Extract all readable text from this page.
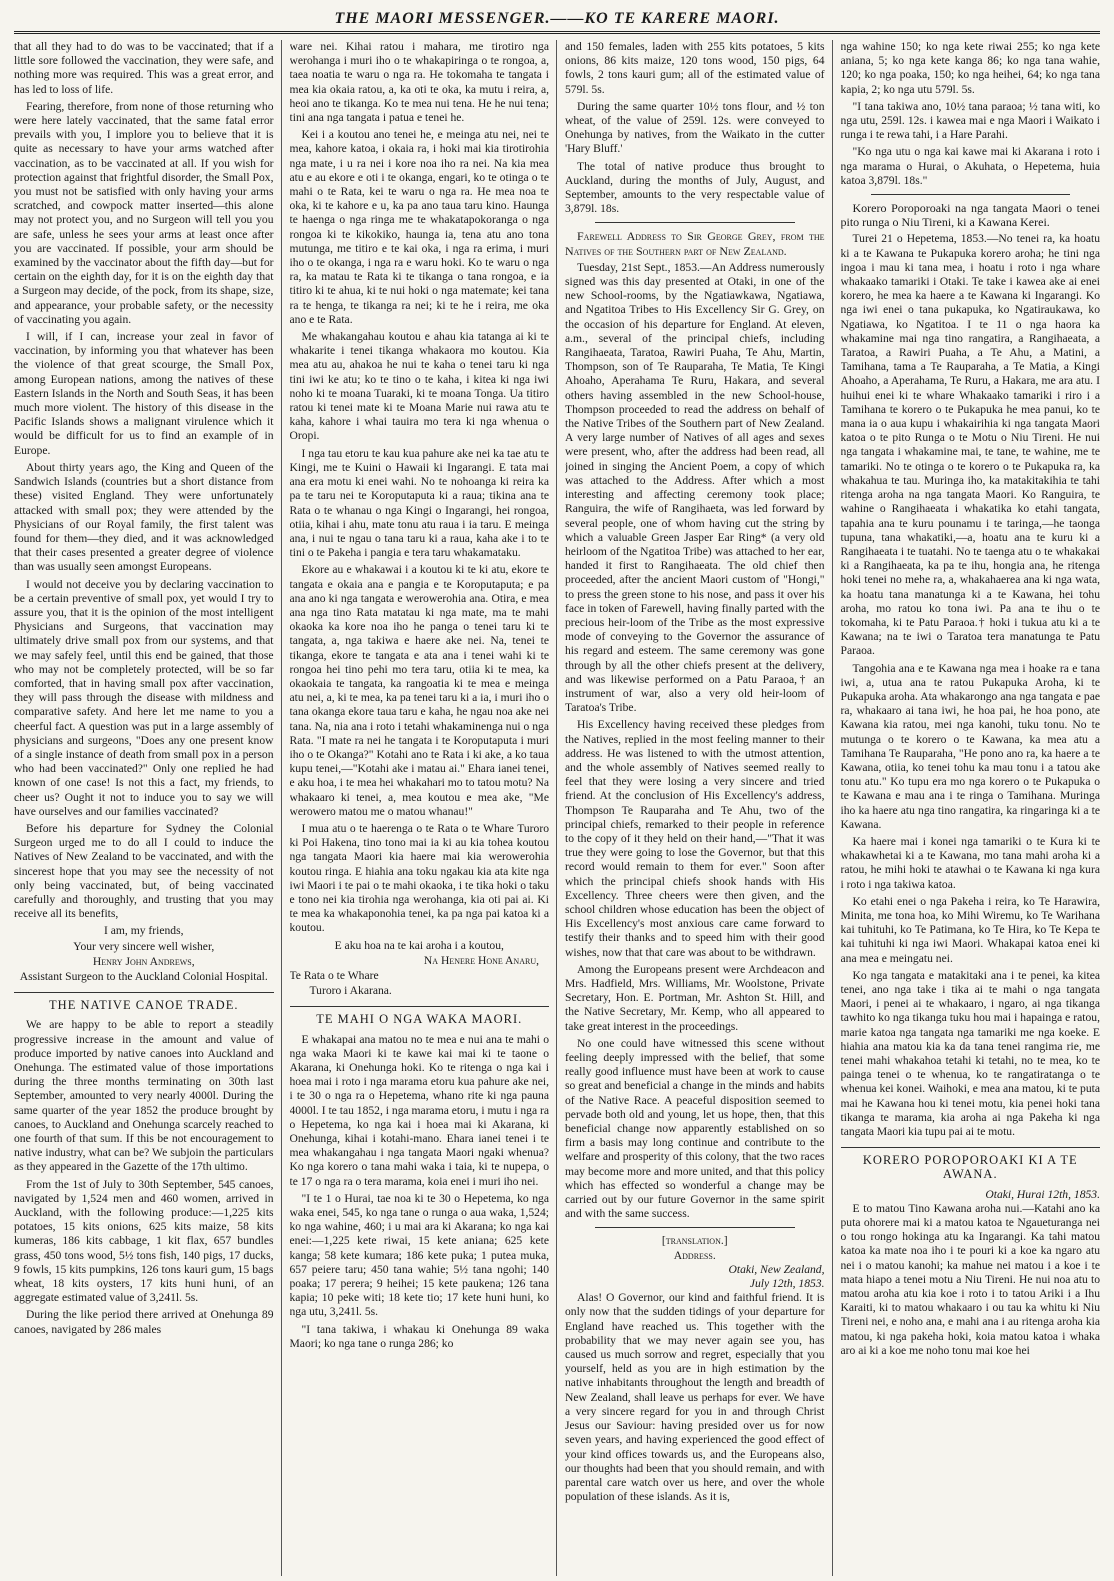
THE MAORI MESSENGER.——KO TE KARERE MAORI.

that all they had to do was to be vaccinated; that if a little sore followed the vaccination, they were safe, and nothing more was required. This was a great error, and has led to loss of life.

Fearing, therefore, from none of those returning who were here lately vaccinated, that the same fatal error prevails with you, I implore you to believe that it is quite as necessary to have your arms watched after vaccination, as to be vaccinated at all. If you wish for protection against that frightful disorder, the Small Pox, you must not be satisfied with only having your arms scratched, and cowpock matter inserted—this alone may not protect you, and no Surgeon will tell you you are safe, unless he sees your arms at least once after you are vaccinated. If possible, your arm should be examined by the vaccinator about the fifth day—but for certain on the eighth day, for it is on the eighth day that a Surgeon may decide, of the pock, from its shape, size, and appearance, your probable safety, or the necessity of vaccinating you again.

I will, if I can, increase your zeal in favor of vaccination, by informing you that whatever has been the violence of that great scourge, the Small Pox, among European nations, among the natives of these Eastern Islands in the North and South Seas, it has been much more violent. The history of this disease in the Pacific Islands shows a malignant virulence which it would be difficult for us to find an example of in Europe.

About thirty years ago, the King and Queen of the Sandwich Islands (countries but a short distance from these) visited England. They were unfortunately attacked with small pox; they were attended by the Physicians of our Royal family, the first talent was found for them—they died, and it was acknowledged that their cases presented a greater degree of violence than was usually seen amongst Europeans.

I would not deceive you by declaring vaccination to be a certain preventive of small pox, yet would I try to assure you, that it is the opinion of the most intelligent Physicians and Surgeons, that vaccination may ultimately drive small pox from our systems, and that we may safely feel, until this end be gained, that those who may not be completely protected, will be so far comforted, that in having small pox after vaccination, they will pass through the disease with mildness and comparative safety. And here let me name to you a cheerful fact. A question was put in a large assembly of physicians and surgeons, "Does any one present know of a single instance of death from small pox in a person who had been vaccinated?" Only one replied he had known of one case! Is not this a fact, my friends, to cheer us? Ought it not to induce you to say we will have ourselves and our families vaccinated?

Before his departure for Sydney the Colonial Surgeon urged me to do all I could to induce the Natives of New Zealand to be vaccinated, and with the sincerest hope that you may see the necessity of not only being vaccinated, but, of being vaccinated carefully and thoroughly, and trusting that you may receive all its benefits,

I am, my friends,
Your very sincere well wisher,
Henry John Andrews,
Assistant Surgeon to the Auckland Colonial Hospital.
THE NATIVE CANOE TRADE.

We are happy to be able to report a steadily progressive increase in the amount and value of produce imported by native canoes into Auckland and Onehunga. The estimated value of those importations during the three months terminating on 30th last September, amounted to very nearly 4000l. During the same quarter of the year 1852 the produce brought by canoes, to Auckland and Onehunga scarcely reached to one fourth of that sum. If this be not encouragement to native industry, what can be? We subjoin the particulars as they appeared in the Gazette of the 17th ultimo.

From the 1st of July to 30th September, 545 canoes, navigated by 1,524 men and 460 women, arrived in Auckland, with the following produce:—1,225 kits potatoes, 15 kits onions, 625 kits maize, 58 kits kumeras, 186 kits cabbage, 1 kit flax, 657 bundles grass, 450 tons wood, 5½ tons fish, 140 pigs, 17 ducks, 9 fowls, 15 kits pumpkins, 126 tons kauri gum, 15 bags wheat, 18 kits oysters, 17 kits huni huni, of an aggregate estimated value of 3,241l. 5s.

During the like period there arrived at Onehunga 89 canoes, navigated by 286 males

ware nei. Kihai ratou i mahara, me tirotiro nga werohanga i muri iho o te whakapiringa o te rongoa, a, taea noatia te waru o nga ra. He tokomaha te tangata i mea kia okaia ratou, a, ka oti te oka, ka mutu i reira, a, heoi ano te tikanga. Ko te mea nui tena. He he nui tena; tini ana nga tangata i patua e tenei he.

Kei i a koutou ano tenei he, e meinga atu nei, nei te mea, kahore katoa, i okaia ra, i hoki mai kia tirotirohia nga mate, i u ra nei i kore noa iho ra nei. Na kia mea atu e au ekore e oti i te okanga, engari, ko te otinga o te mahi o te Rata, kei te waru o nga ra. He mea noa te oka, ki te kahore e u, ka pa ano taua taru kino. Haunga te haenga o nga ringa me te whakatapokoranga o nga rongoa ki te kikokiko, haunga ia, tena atu ano tona mutunga, me titiro e te kai oka, i nga ra erima, i muri iho o te okanga, i nga ra e waru hoki. Ko te waru o nga ra, ka matau te Rata ki te tikanga o tana rongoa, e ia titiro ki te ahua, ki te nui hoki o nga matemate; kei tana ra te henga, te tikanga ra nei; ki te he i reira, me oka ano e te Rata.

Me whakangahau koutou e ahau kia tatanga ai ki te whakarite i tenei tikanga whakaora mo koutou. Kia mea atu au, ahakoa he nui te kaha o tenei taru ki nga tini iwi ke atu; ko te tino o te kaha, i kitea ki nga iwi noho ki te moana Tuaraki, ki te moana Tonga. Ua titiro ratou ki tenei mate ki te Moana Marie nui rawa atu te kaha, kahore i whai tauira mo tera ki nga whenua o Oropi.

I nga tau etoru te kau kua pahure ake nei ka tae atu te Kingi, me te Kuini o Hawaii ki Ingarangi. E tata mai ana era motu ki enei wahi. No te nohoanga ki reira ka pa te taru nei te Koroputaputa ki a raua; tikina ana te Rata o te whanau o nga Kingi o Ingarangi, hei rongoa, otiia, kihai i ahu, mate tonu atu raua i ia taru. E meinga ana, i nui te ngau o tana taru ki a raua, kaha ake i to te tini o te Pakeha i pangia e tera taru whakamataku.

Ekore au e whakawai i a koutou ki te ki atu, ekore te tangata e okaia ana e pangia e te Koroputaputa; e pa ana ano ki nga tangata e werowerohia ana. Otira, e mea ana nga tino Rata matatau ki nga mate, ma te mahi okaoka ka kore noa iho he panga o tenei taru ki te tangata, a, nga takiwa e haere ake nei. Na, tenei te tikanga, ekore te tangata e ata ana i tenei wahi ki te rongoa hei tino pehi mo tera taru, otiia ki te mea, ka okaokaia te tangata, ka rangoatia ki te mea e meinga atu nei, a, ki te mea, ka pa tenei taru ki a ia, i muri iho o tana okanga ekore taua taru e kaha, he ngau noa ake nei tana. Na, nia ana i roto i tetahi whakaminenga nui o nga Rata. "I mate ra nei he tangata i te Koroputaputa i muri iho o te Okanga?" Kotahi ano te Rata i ki ake, a ko taua kupu tenei,—"Kotahi ake i matau ai." Ehara ianei tenei, e aku hoa, i te mea hei whakahari mo to tatou motu? Na whakaaro ki tenei, a, mea koutou e mea ake, "Me werowero matou me o matou whanau!"

I mua atu o te haerenga o te Rata o te Whare Turoro ki Poi Hakena, tino tono mai ia ki au kia tohea koutou nga tangata Maori kia haere mai kia werowerohia koutou ringa. E hiahia ana toku ngakau kia ata kite nga iwi Maori i te pai o te mahi okaoka, i te tika hoki o taku e tono nei kia tirohia nga werohanga, kia oti pai ai. Ki te mea ka whakaponohia tenei, ka pa nga pai katoa ki a koutou.

E aku hoa na te kai aroha i a koutou,
Na Henere Hone Anaru,
Te Rata o te Whare
Turoro i Akarana.
TE MAHI O NGA WAKA MAORI.

E whakapai ana matou no te mea e nui ana te mahi o nga waka Maori ki te kawe kai mai ki te taone o Akarana, ki Onehunga hoki. Ko te ritenga o nga kai i hoea mai i roto i nga marama etoru kua pahure ake nei, i te 30 o nga ra o Hepetema, whano rite ki nga pauna 4000l. I te tau 1852, i nga marama etoru, i mutu i nga ra o Hepetema, ko nga kai i hoea mai ki Akarana, ki Onehunga, kihai i kotahi-mano. Ehara ianei tenei i te mea whakangahau i nga tangata Maori ngaki whenua? Ko nga korero o tana mahi waka i taia, ki te nupepa, o te 17 o nga ra o tera marama, koia enei i muri iho nei.

"I te 1 o Hurai, tae noa ki te 30 o Hepetema, ko nga waka enei, 545, ko nga tane o runga o aua waka, 1,524; ko nga wahine, 460; i u mai ara ki Akarana; ko nga kai enei:—1,225 kete riwai, 15 kete aniana; 625 kete kanga; 58 kete kumara; 186 kete puka; 1 putea muka, 657 peiere taru; 450 tana wahie; 5½ tana ngohi; 140 poaka; 17 perera; 9 heihei; 15 kete paukena; 126 tana kapia; 10 peke witi; 18 kete tio; 17 kete huni huni, ko nga utu, 3,241l. 5s.

"I tana takiwa, i whakau ki Onehunga 89 waka Maori; ko nga tane o runga 286; ko

and 150 females, laden with 255 kits potatoes, 5 kits onions, 86 kits maize, 120 tons wood, 150 pigs, 64 fowls, 2 tons kauri gum; all of the estimated value of 579l. 5s.

During the same quarter 10½ tons flour, and ½ ton wheat, of the value of 259l. 12s. were conveyed to Onehunga by natives, from the Waikato in the cutter 'Hary Bluff.'

The total of native produce thus brought to Auckland, during the months of July, August, and September, amounts to the very respectable value of 3,879l. 18s.

Farewell Address to Sir George Grey, from the Natives of the Southern part of New Zealand.

Tuesday, 21st Sept., 1853.—An Address numerously signed was this day presented at Otaki, in one of the new School-rooms, by the Ngatiawkawa, Ngatiawa, and Ngatitoa Tribes to His Excellency Sir G. Grey, on the occasion of his departure for England. At eleven, a.m., several of the principal chiefs, including Rangihaeata, Taratoa, Rawiri Puaha, Te Ahu, Martin, Thompson, son of Te Rauparaha, Te Matia, Te Kingi Ahoaho, Aperahama Te Ruru, Hakara, and several others having assembled in the new School-house, Thompson proceeded to read the address on behalf of the Native Tribes of the Southern part of New Zealand. A very large number of Natives of all ages and sexes were present, who, after the address had been read, all joined in singing the Ancient Poem, a copy of which was attached to the Address. After which a most interesting and affecting ceremony took place; Ranguira, the wife of Rangihaeta, was led forward by several people, one of whom having cut the string by which a valuable Green Jasper Ear Ring* (a very old heirloom of the Ngatitoa Tribe) was attached to her ear, handed it first to Rangihaeata. The old chief then proceeded, after the ancient Maori custom of "Hongi," to press the green stone to his nose, and pass it over his face in token of Farewell, having finally parted with the precious heir-loom of the Tribe as the most expressive mode of conveying to the Governor the assurance of his regard and esteem. The same ceremony was gone through by all the other chiefs present at the delivery, and was likewise performed on a Patu Paraoa,† an instrument of war, also a very old heir-loom of Taratoa's Tribe.

His Excellency having received these pledges from the Natives, replied in the most feeling manner to their address. He was listened to with the utmost attention, and the whole assembly of Natives seemed really to feel that they were losing a very sincere and tried friend. At the conclusion of His Excellency's address, Thompson Te Rauparaha and Te Ahu, two of the principal chiefs, remarked to their people in reference to the copy of it they held on their hand,—"That it was true they were going to lose the Governor, but that this record would remain to them for ever." Soon after which the principal chiefs shook hands with His Excellency. Three cheers were then given, and the school children whose education has been the object of His Excellency's most anxious care came forward to testify their thanks and to speed him with their good wishes, now that that care was about to be withdrawn.

Among the Europeans present were Archdeacon and Mrs. Hadfield, Mrs. Williams, Mr. Woolstone, Private Secretary, Hon. E. Portman, Mr. Ashton St. Hill, and the Native Secretary, Mr. Kemp, who all appeared to take great interest in the proceedings.

No one could have witnessed this scene without feeling deeply impressed with the belief, that some really good influence must have been at work to cause so great and beneficial a change in the minds and habits of the Native Race. A peaceful disposition seemed to pervade both old and young, let us hope, then, that this beneficial change now apparently established on so firm a basis may long continue and contribute to the welfare and prosperity of this colony, that the two races may become more and more united, and that this policy which has effected so wonderful a change may be carried out by our future Governor in the same spirit and with the same success.

[translation.]
Address.
Otaki, New Zealand,
July 12th, 1853.

Alas! O Governor, our kind and faithful friend. It is only now that the sudden tidings of your departure for England have reached us. This together with the probability that we may never again see you, has caused us much sorrow and regret, especially that you yourself, held as you are in high estimation by the native inhabitants throughout the length and breadth of New Zealand, shall leave us perhaps for ever. We have a very sincere regard for you in and through Christ Jesus our Saviour: having presided over us for now seven years, and having experienced the good effect of your kind offices towards us, and the Europeans also, our thoughts had been that you should remain, and with parental care watch over us here, and over the whole population of these islands. As it is,

nga wahine 150; ko nga kete riwai 255; ko nga kete aniana, 5; ko nga kete kanga 86; ko nga tana wahie, 120; ko nga poaka, 150; ko nga heihei, 64; ko nga tana kapia, 2; ko nga utu 579l. 5s.

"I tana takiwa ano, 10½ tana paraoa; ½ tana witi, ko nga utu, 259l. 12s. i kawea mai e nga Maori i Waikato i runga i te rewa tahi, i a Hare Parahi.

"Ko nga utu o nga kai kawe mai ki Akarana i roto i nga marama o Hurai, o Akuhata, o Hepetema, huia katoa 3,879l. 18s."

Korero Poroporoaki na nga tangata Maori o tenei pito runga o Niu Tireni, ki a Kawana Kerei.

Turei 21 o Hepetema, 1853.—No tenei ra, ka hoatu ki a te Kawana te Pukapuka korero aroha; he tini nga ingoa i mau ki tana mea, i hoatu i roto i nga whare whakaako tamariki i Otaki. Te take i kawea ake ai enei korero, he mea ka haere a te Kawana ki Ingarangi. Ko nga iwi enei o tana pukapuka, ko Ngatiraukawa, ko Ngatiawa, ko Ngatitoa. I te 11 o nga haora ka whakamine mai nga tino rangatira, a Rangihaeata, a Taratoa, a Rawiri Puaha, a Te Ahu, a Matini, a Tamihana, tama a Te Rauparaha, a Te Matia, a Kingi Ahoaho, a Aperahama, Te Ruru, a Hakara, me ara atu. I huihui enei ki te whare Whakaako tamariki i riro i a Tamihana te korero o te Pukapuka he mea panui, ko te mana ia o aua kupu i whakairihia ki nga tangata Maori katoa o te pito Runga o te Motu o Niu Tireni. He nui nga tangata i whakamine mai, te tane, te wahine, me te tamariki. No te otinga o te korero o te Pukapuka ra, ka whakahua te tau. Muringa iho, ka matakitakihia te tahi ritenga aroha na nga tangata Maori. Ko Ranguira, te wahine o Rangihaeata i whakatika ko etahi tangata, tapahia ana te kuru pounamu i te taringa,—he taonga tupuna, tana whakatiki,—a, hoatu ana te kuru ki a Rangihaeata i te tuatahi. No te taenga atu o te whakakai ki a Rangihaeata, ka pa te ihu, hongia ana, he ritenga hoki tenei no mehe ra, a, whakahaerea ana ki nga wata, ka hoatu tana manatunga ki a te Kawana, hei tohu aroha, mo ratou ko tona iwi. Pa ana te ihu o te tokomaha, ki te Patu Paraoa.† hoki i tukua atu ki a te Kawana; na te iwi o Taratoa tera manatunga te Patu Paraoa.

Tangohia ana e te Kawana nga mea i hoake ra e tana iwi, a, utua ana te ratou Pukapuka Aroha, ki te Pukapuka aroha. Ata whakarongo ana nga tangata e pae ra, whakaaro ai tana iwi, he hoa pai, he hoa pono, ate Kawana kia ratou, mei nga kanohi, tuku tonu. No te mutunga o te korero o te Kawana, ka mea atu a Tamihana Te Rauparaha, "He pono ano ra, ka haere a te Kawana, otiia, ko tenei tohu ka mau tonu i a tatou ake tonu atu." Ko tupu era mo nga korero o te Pukapuka o te Kawana e mau ana i te ringa o Tamihana. Muringa iho ka haere atu nga tino rangatira, ka ringaringa ki a te Kawana.

Ka haere mai i konei nga tamariki o te Kura ki te whakawhetai ki a te Kawana, mo tana mahi aroha ki a ratou, he mihi hoki te atawhai o te Kawana ki nga kura i roto i nga takiwa katoa.

Ko etahi enei o nga Pakeha i reira, ko Te Harawira, Minita, me tona hoa, ko Mihi Wiremu, ko Te Warihana kai tuhituhi, ko Te Patimana, ko Te Hira, ko Te Kepa te kai tuhituhi ki nga iwi Maori. Whakapai katoa enei ki ana mea e meingatu nei.

Ko nga tangata e matakitaki ana i te penei, ka kitea tenei, ano nga take i tika ai te mahi o nga tangata Maori, i penei ai te whakaaro, i ngaro, ai nga tikanga tawhito ko nga tikanga tuku hou mai i hapainga e ratou, marie katoa nga tangata nga tamariki me nga koeke. E hiahia ana matou kia ka da tana tenei rangima rie, me tenei mahi whakahoa tetahi ki tetahi, no te mea, ko te painga tenei o te whenua, ko te rangatiratanga o te whenua kei konei. Waihoki, e mea ana matou, ki te puta mai he Kawana hou ki tenei motu, kia penei hoki tana tikanga te marama, kia aroha ai nga Pakeha ki nga tangata Maori kia tupu pai ai te motu.

KORERO POROPOROAKI KI A TE AWANA.
Otaki, Hurai 12th, 1853.

E to matou Tino Kawana aroha nui.—Katahi ano ka puta ohorere mai ki a matou katoa te Ngaueturanga nei o tou rongo hokinga atu ka Ingarangi. Ka tahi matou katoa ka mate noa iho i te pouri ki a koe ka ngaro atu nei i o matou kanohi; ka mahue nei matou i a koe i te mata hiapo a tenei motu a Niu Tireni. He nui noa atu to matou aroha atu kia koe i roto i to tatou Ariki i a Ihu Karaiti, ki to matou whakaaro i ou tau ka whitu ki Niu Tireni nei, e noho ana, e mahi ana i au ritenga aroha kia matou, ki nga pakeha hoki, koia matou katoa i whaka aro ai ki a koe me noho tonu mai koe hei
